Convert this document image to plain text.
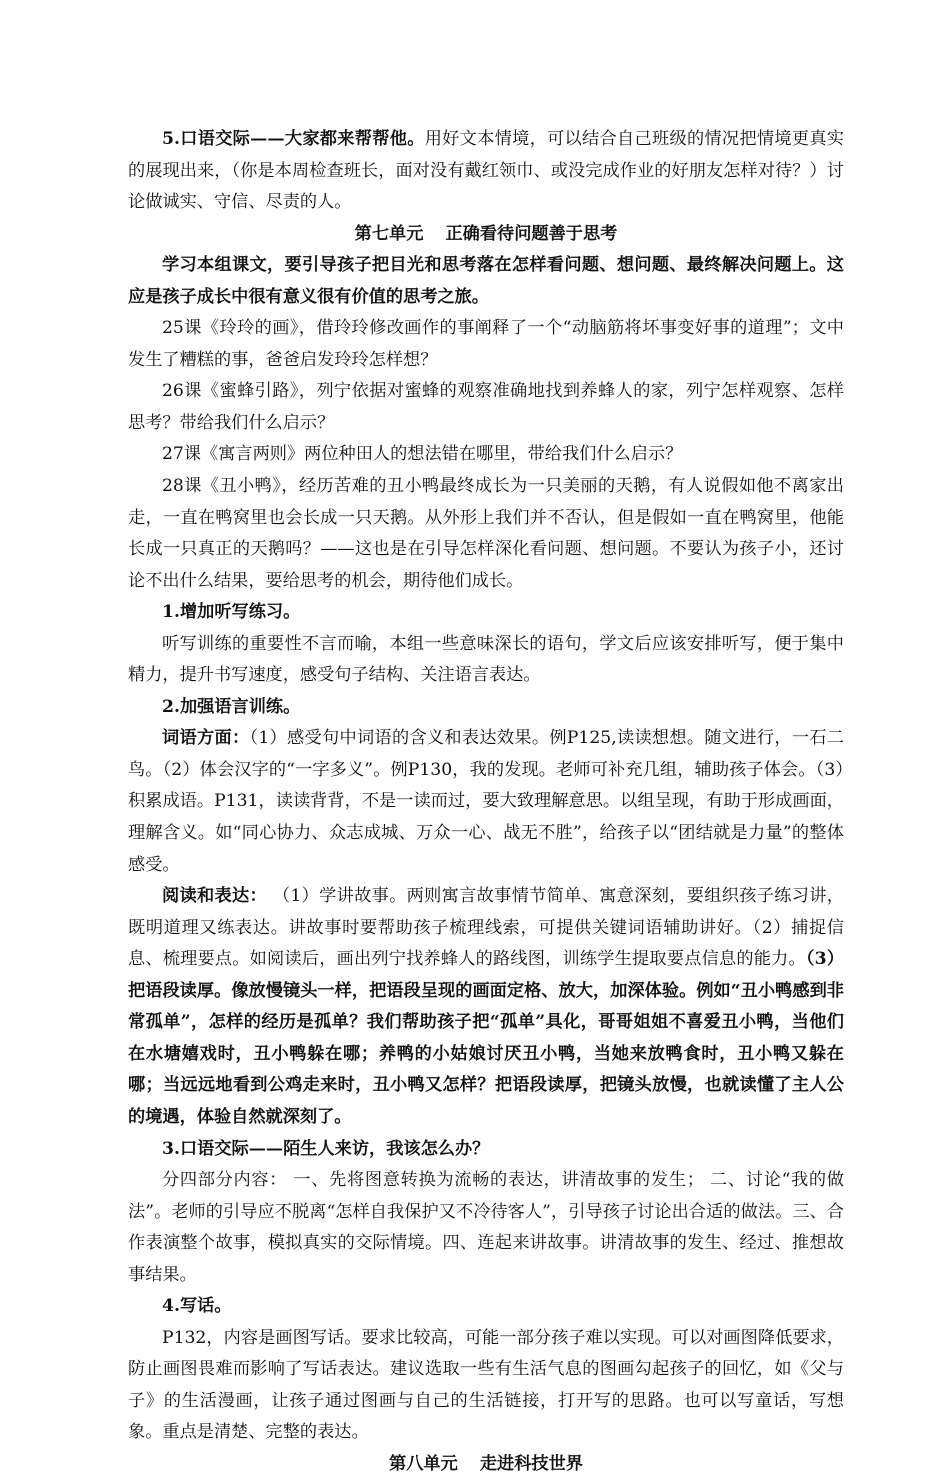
5.口语交际——大家都来帮帮他。用好文本情境，可以结合自己班级的情况把情境更真实的展现出来，（你是本周检查班长，面对没有戴红领巾、或没完成作业的好朋友怎样对待？）讨论做诚实、守信、尽责的人。

第七单元 正确看待问题善于思考

学习本组课文，要引导孩子把目光和思考落在怎样看问题、想问题、最终解决问题上。这应是孩子成长中很有意义很有价值的思考之旅。

25课《玲玲的画》，借玲玲修改画作的事阐释了一个“动脑筋将坏事变好事的道理”；文中发生了糟糕的事，爸爸启发玲玲怎样想？

26课《蜜蜂引路》，列宁依据对蜜蜂的观察准确地找到养蜂人的家，列宁怎样观察、怎样思考？带给我们什么启示？

27课《寓言两则》两位种田人的想法错在哪里，带给我们什么启示？

28课《丑小鸭》，经历苦难的丑小鸭最终成长为一只美丽的天鹅，有人说假如他不离家出走，一直在鸭窝里也会长成一只天鹅。从外形上我们并不否认，但是假如一直在鸭窝里，他能长成一只真正的天鹅吗？——这也是在引导怎样深化看问题、想问题。不要认为孩子小，还讨论不出什么结果，要给思考的机会，期待他们成长。

1.增加听写练习。

听写训练的重要性不言而喻，本组一些意味深长的语句，学文后应该安排听写，便于集中精力，提升书写速度，感受句子结构、关注语言表达。

2.加强语言训练。

词语方面：（1）感受句中词语的含义和表达效果。例P125,读读想想。随文进行，一石二鸟。（2）体会汉字的“一字多义”。例P130，我的发现。老师可补充几组，辅助孩子体会。（3）积累成语。P131，读读背背，不是一读而过，要大致理解意思。以组呈现，有助于形成画面，理解含义。如“同心协力、众志成城、万众一心、战无不胜”，给孩子以“团结就是力量”的整体感受。

阅读和表达： （1）学讲故事。两则寓言故事情节简单、寓意深刻，要组织孩子练习讲，既明道理又练表达。讲故事时要帮助孩子梳理线索，可提供关键词语辅助讲好。（2）捕捉信息、梳理要点。如阅读后，画出列宁找养蜂人的路线图，训练学生提取要点信息的能力。（3）把语段读厚。像放慢镜头一样，把语段呈现的画面定格、放大，加深体验。例如“丑小鸭感到非常孤单”，怎样的经历是孤单？我们帮助孩子把“孤单”具化，哥哥姐姐不喜爱丑小鸭，当他们在水塘嬉戏时，丑小鸭躲在哪；养鸭的小姑娘讨厌丑小鸭，当她来放鸭食时，丑小鸭又躲在哪；当远远地看到公鸡走来时，丑小鸭又怎样？把语段读厚，把镜头放慢，也就读懂了主人公的境遇，体验自然就深刻了。

3.口语交际——陌生人来访，我该怎么办？

分四部分内容： 一、先将图意转换为流畅的表达，讲清故事的发生； 二、讨论“我的做法”。老师的引导应不脱离“怎样自我保护又不冷待客人”，引导孩子讨论出合适的做法。三、合作表演整个故事，模拟真实的交际情境。四、连起来讲故事。讲清故事的发生、经过、推想故事结果。

4.写话。

P132，内容是画图写话。要求比较高，可能一部分孩子难以实现。可以对画图降低要求，防止画图畏难而影响了写话表达。建议选取一些有生活气息的图画勾起孩子的回忆，如《父与子》的生活漫画，让孩子通过图画与自己的生活链接，打开写的思路。也可以写童话，写想象。重点是清楚、完整的表达。

第八单元 走进科技世界
